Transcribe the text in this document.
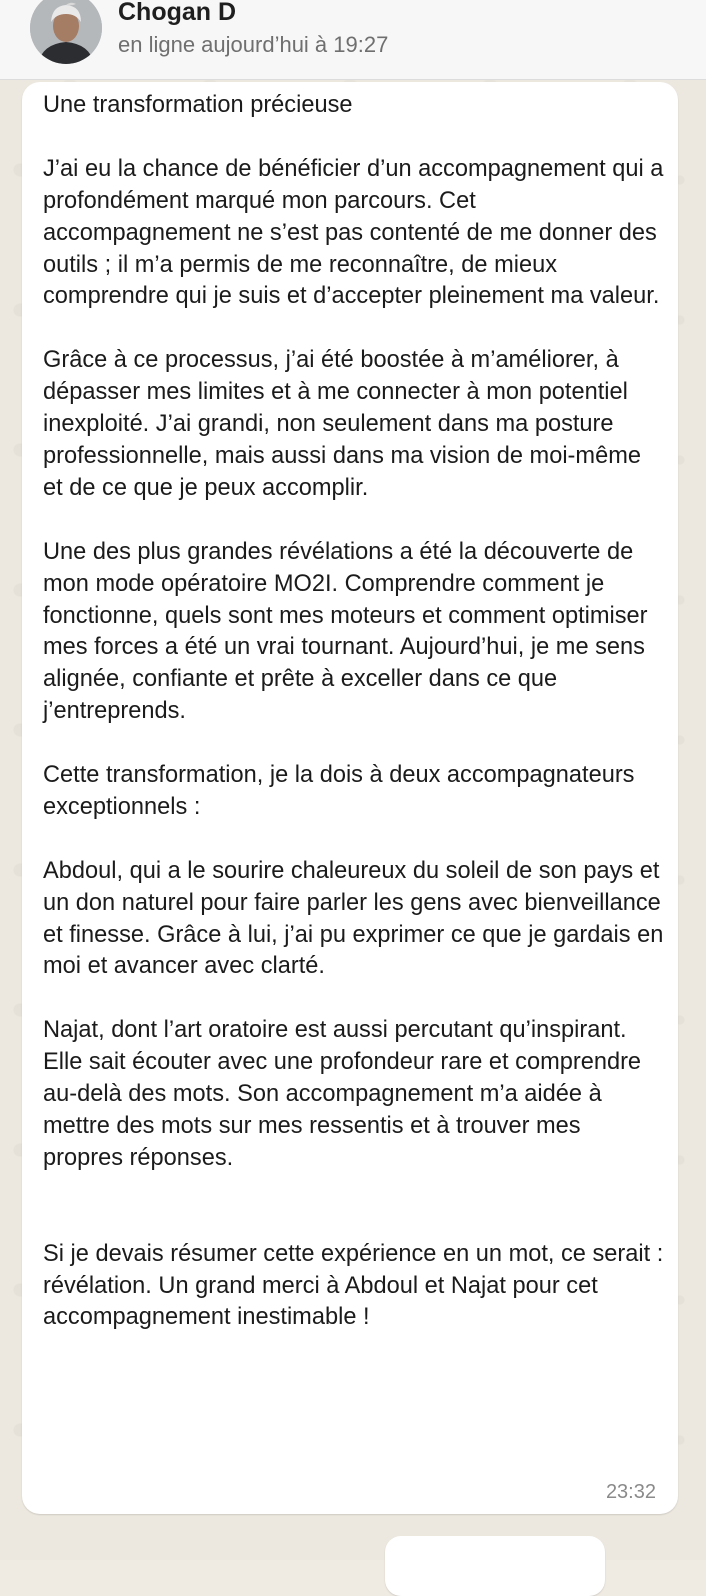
Chogan D
en ligne aujourd’hui à 19:27

Une transformation précieuse

J’ai eu la chance de bénéficier d’un accompagnement qui a profondément marqué mon parcours. Cet accompagnement ne s’est pas contenté de me donner des outils ; il m’a permis de me reconnaître, de mieux comprendre qui je suis et d’accepter pleinement ma valeur.

Grâce à ce processus, j’ai été boostée à m’améliorer, à dépasser mes limites et à me connecter à mon potentiel inexploité. J’ai grandi, non seulement dans ma posture professionnelle, mais aussi dans ma vision de moi-même et de ce que je peux accomplir.

Une des plus grandes révélations a été la découverte de mon mode opératoire MO2I. Comprendre comment je fonctionne, quels sont mes moteurs et comment optimiser mes forces a été un vrai tournant. Aujourd’hui, je me sens alignée, confiante et prête à exceller dans ce que j’entreprends.

Cette transformation, je la dois à deux accompagnateurs exceptionnels :

Abdoul, qui a le sourire chaleureux du soleil de son pays et un don naturel pour faire parler les gens avec bienveillance et finesse. Grâce à lui, j’ai pu exprimer ce que je gardais en moi et avancer avec clarté.

Najat, dont l’art oratoire est aussi percutant qu’inspirant. Elle sait écouter avec une profondeur rare et comprendre au-delà des mots. Son accompagnement m’a aidée à mettre des mots sur mes ressentis et à trouver mes propres réponses.

Si je devais résumer cette expérience en un mot, ce serait : révélation. Un grand merci à Abdoul et Najat pour cet accompagnement inestimable !

23:32
